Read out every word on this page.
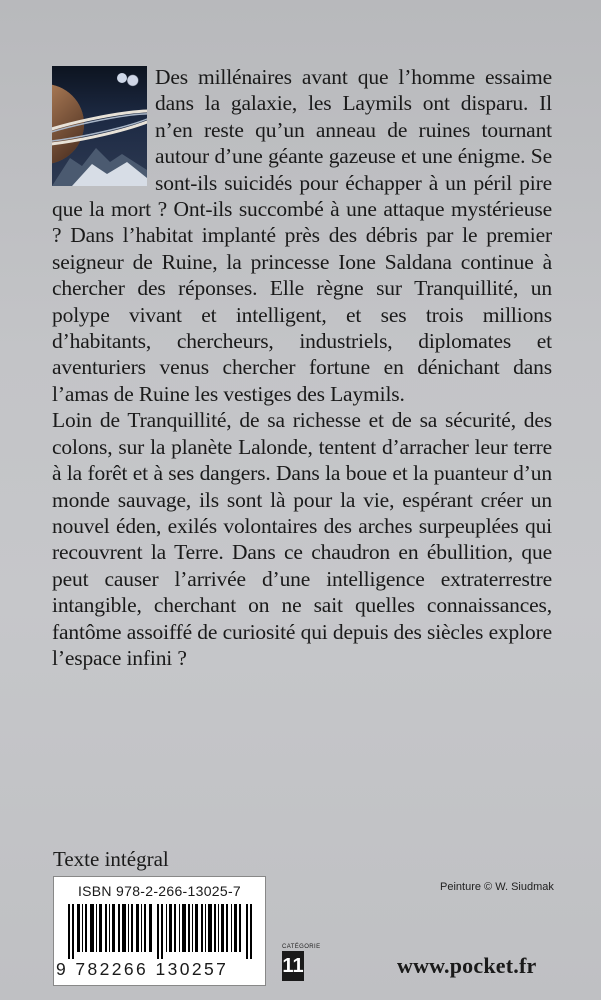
Des millénaires avant que l’homme essaime dans la galaxie, les Laymils ont disparu. Il n’en reste qu’un anneau de ruines tournant autour d’une géante gazeuse et une énigme. Se sont-ils suicidés pour échapper à un péril pire que la mort ? Ont-ils succombé à une attaque mystérieuse ? Dans l’habitat implanté près des débris par le premier seigneur de Ruine, la princesse Ione Saldana continue à chercher des réponses. Elle règne sur Tranquillité, un polype vivant et intelligent, et ses trois millions d’habitants, chercheurs, industriels, diplomates et aventuriers venus chercher fortune en dénichant dans l’amas de Ruine les vestiges des Laymils.

Loin de Tranquillité, de sa richesse et de sa sécurité, des colons, sur la planète Lalonde, tentent d’arracher leur terre à la forêt et à ses dangers. Dans la boue et la puanteur d’un monde sauvage, ils sont là pour la vie, espérant créer un nouvel éden, exilés volontaires des arches surpeuplées qui recouvrent la Terre. Dans ce chaudron en ébullition, que peut causer l’arrivée d’une intelligence extraterrestre intangible, cherchant on ne sait quelles connaissances, fantôme assoiffé de curiosité qui depuis des siècles explore l’espace infini ?

Texte intégral
ISBN 978-2-266-13025-7
9 782266 130257
Peinture © W. Siudmak
CATÉGORIE
11	www.pocket.fr
